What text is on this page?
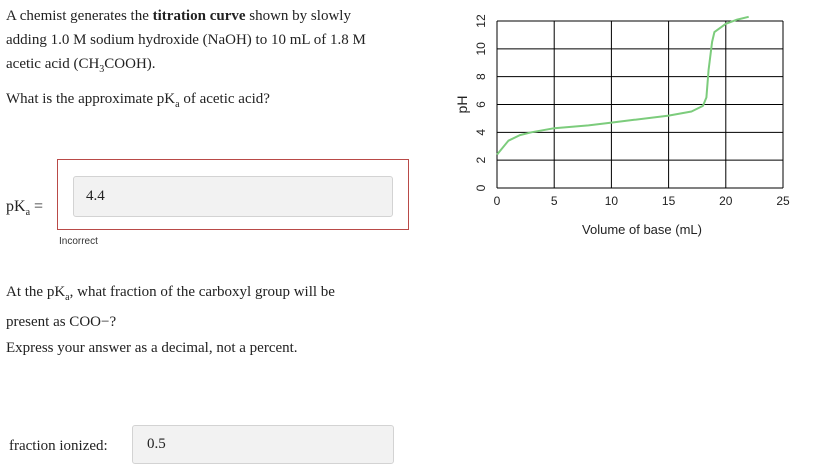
A chemist generates the titration curve shown by slowly
adding 1.0 M sodium hydroxide (NaOH) to 10 mL of 1.8 M
acetic acid $(CH_3COOH)$.
What is the approximate $pK_a$ of acetic acid?
$pK_a$ =
4.4
Incorrect
At the $pK_a$, what fraction of the carboxyl group will be
present as COO−?
Express your answer as a decimal, not a percent.
fraction ionized:	0.5
0	5	10	15	20	25
0
2
4
6
8
10
12
Volume of base (mL)
pH
